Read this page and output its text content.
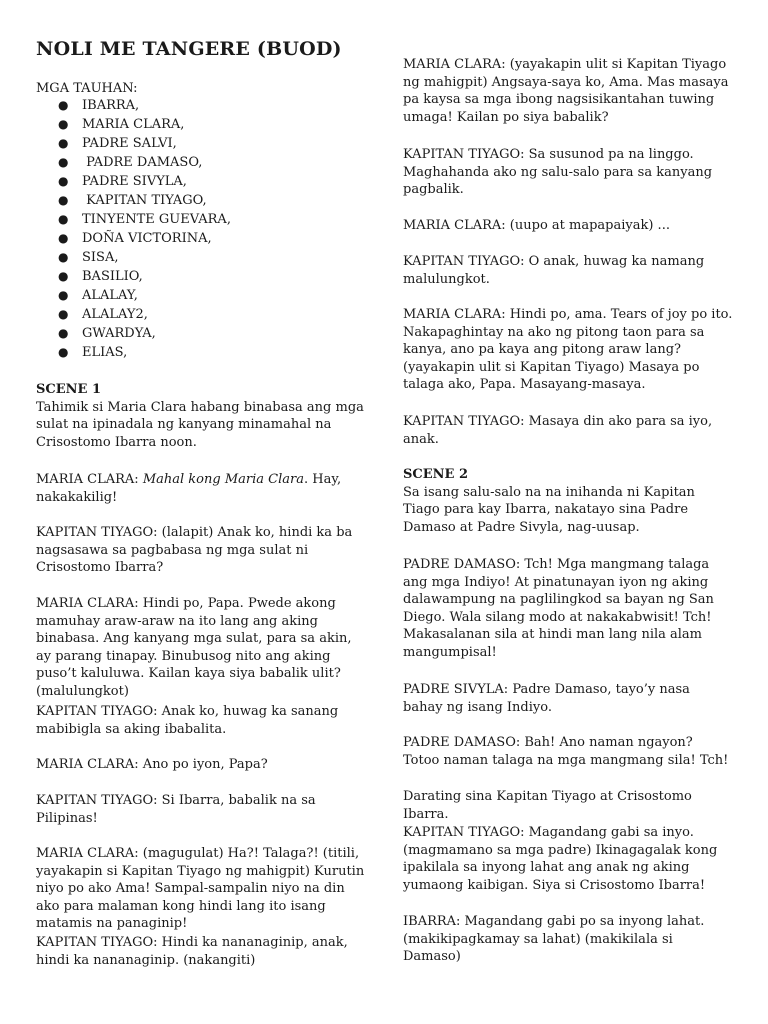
NOLI ME TANGERE (BUOD)
MGA TAUHAN:
● IBARRA,
● MARIA CLARA,
● PADRE SALVI,
● PADRE DAMASO,
● PADRE SIVYLA,
● KAPITAN TIYAGO,
● TINYENTE GUEVARA,
● DOÑA VICTORINA,
● SISA,
● BASILIO,
● ALALAY,
● ALALAY2,
● GWARDYA,
● ELIAS,
SCENE 1
Tahimik si Maria Clara habang binabasa ang mga sulat na ipinadala ng kanyang minamahal na Crisostomo Ibarra noon.

MARIA CLARA: Mahal kong Maria Clara. Hay, nakakakilig!

KAPITAN TIYAGO: (lalapit) Anak ko, hindi ka ba nagsasawa sa pagbabasa ng mga sulat ni Crisostomo Ibarra?

MARIA CLARA: Hindi po, Papa. Pwede akong mamuhay araw-araw na ito lang ang aking binabasa. Ang kanyang mga sulat, para sa akin, ay parang tinapay. Binubusog nito ang aking puso’t kaluluwa. Kailan kaya siya babalik ulit? (malulungkot)

KAPITAN TIYAGO: Anak ko, huwag ka sanang mabibigla sa aking ibabalita.

MARIA CLARA: Ano po iyon, Papa?

KAPITAN TIYAGO: Si Ibarra, babalik na sa Pilipinas!

MARIA CLARA: (magugulat) Ha?! Talaga?! (titili, yayakapin si Kapitan Tiyago ng mahigpit) Kurutin niyo po ako Ama! Sampal-sampalin niyo na din ako para malaman kong hindi lang ito isang matamis na panaginip!

KAPITAN TIYAGO: Hindi ka nananaginip, anak, hindi ka nananaginip. (nakangiti)

MARIA CLARA: (yayakapin ulit si Kapitan Tiyago ng mahigpit) Angsaya-saya ko, Ama. Mas masaya pa kaysa sa mga ibong nagsisikantahan tuwing umaga! Kailan po siya babalik?

KAPITAN TIYAGO: Sa susunod pa na linggo. Maghahanda ako ng salu-salo para sa kanyang pagbalik.

MARIA CLARA: (uupo at mapapaiyak) ...

KAPITAN TIYAGO: O anak, huwag ka namang malulungkot.

MARIA CLARA: Hindi po, ama. Tears of joy po ito. Nakapaghintay na ako ng pitong taon para sa kanya, ano pa kaya ang pitong araw lang? (yayakapin ulit si Kapitan Tiyago) Masaya po talaga ako, Papa. Masayang-masaya.

KAPITAN TIYAGO: Masaya din ako para sa iyo, anak.

SCENE 2
Sa isang salu-salo na na inihanda ni Kapitan Tiago para kay Ibarra, nakatayo sina Padre Damaso at Padre Sivyla, nag-uusap.

PADRE DAMASO: Tch! Mga mangmang talaga ang mga Indiyo! At pinatunayan iyon ng aking dalawampung na paglilingkod sa bayan ng San Diego. Wala silang modo at nakakabwisit! Tch! Makasalanan sila at hindi man lang nila alam mangumpisal!

PADRE SIVYLA: Padre Damaso, tayo’y nasa bahay ng isang Indiyo.

PADRE DAMASO: Bah! Ano naman ngayon? Totoo naman talaga na mga mangmang sila! Tch!

Darating sina Kapitan Tiyago at Crisostomo Ibarra.

KAPITAN TIYAGO: Magandang gabi sa inyo. (magmamano sa mga padre) Ikinagagalak kong ipakilala sa inyong lahat ang anak ng aking yumaong kaibigan. Siya si Crisostomo Ibarra!

IBARRA: Magandang gabi po sa inyong lahat. (makikipagkamay sa lahat) (makikilala si Damaso)
